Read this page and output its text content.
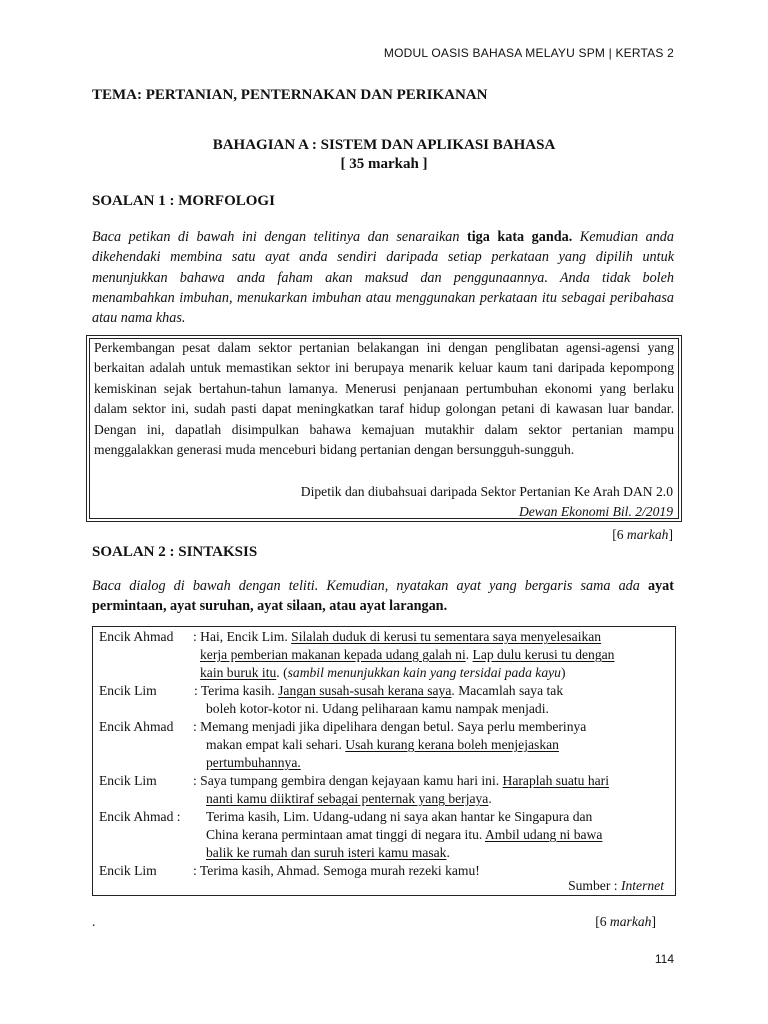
MODUL OASIS BAHASA MELAYU SPM | KERTAS 2
TEMA: PERTANIAN, PENTERNAKAN DAN PERIKANAN
BAHAGIAN A : SISTEM DAN APLIKASI BAHASA
[ 35 markah ]
SOALAN 1 : MORFOLOGI
Baca petikan di bawah ini dengan telitinya dan senaraikan tiga kata ganda. Kemudian anda dikehendaki membina satu ayat anda sendiri daripada setiap perkataan yang dipilih untuk menunjukkan bahawa anda faham akan maksud dan penggunaannya. Anda tidak boleh menambahkan imbuhan, menukarkan imbuhan atau menggunakan perkataan itu sebagai peribahasa atau nama khas.
Perkembangan pesat dalam sektor pertanian belakangan ini dengan penglibatan agensi-agensi yang berkaitan adalah untuk memastikan sektor ini berupaya menarik keluar kaum tani daripada kepompong kemiskinan sejak bertahun-tahun lamanya. Menerusi penjanaan pertumbuhan ekonomi yang berlaku dalam sektor ini, sudah pasti dapat meningkatkan taraf hidup golongan petani di kawasan luar bandar. Dengan ini, dapatlah disimpulkan bahawa kemajuan mutakhir dalam sektor pertanian mampu menggalakkan generasi muda menceburi bidang pertanian dengan bersungguh-sungguh.
Dipetik dan diubahsuai daripada Sektor Pertanian Ke Arah DAN 2.0
Dewan Ekonomi Bil. 2/2019
[6 markah]
SOALAN 2 : SINTAKSIS
Baca dialog di bawah dengan teliti. Kemudian, nyatakan ayat yang bergaris sama ada ayat permintaan, ayat suruhan, ayat silaan, atau ayat larangan.
Encik Ahmad : Hai, Encik Lim. Silalah duduk di kerusi tu sementara saya menyelesaikan
kerja pemberian makanan kepada udang galah ni. Lap dulu kerusi tu dengan
kain buruk itu. (sambil menunjukkan kain yang tersidai pada kayu)
Encik Lim	: Terima kasih. Jangan susah-susah kerana saya. Macamlah saya tak
boleh kotor-kotor ni. Udang peliharaan kamu nampak menjadi.
Encik Ahmad : Memang menjadi jika dipelihara dengan betul. Saya perlu memberinya
makan empat kali sehari. Usah kurang kerana boleh menjejaskan
pertumbuhannya.
Encik Lim	: Saya tumpang gembira dengan kejayaan kamu hari ini. Haraplah suatu hari
nanti kamu diiktiraf sebagai penternak yang berjaya.
Encik Ahmad : Terima kasih, Lim. Udang-udang ni saya akan hantar ke Singapura dan
China kerana permintaan amat tinggi di negara itu. Ambil udang ni bawa
balik ke rumah dan suruh isteri kamu masak.
Encik Lim	: Terima kasih, Ahmad. Semoga murah rezeki kamu!
Sumber : Internet
.	[6 markah]
114
